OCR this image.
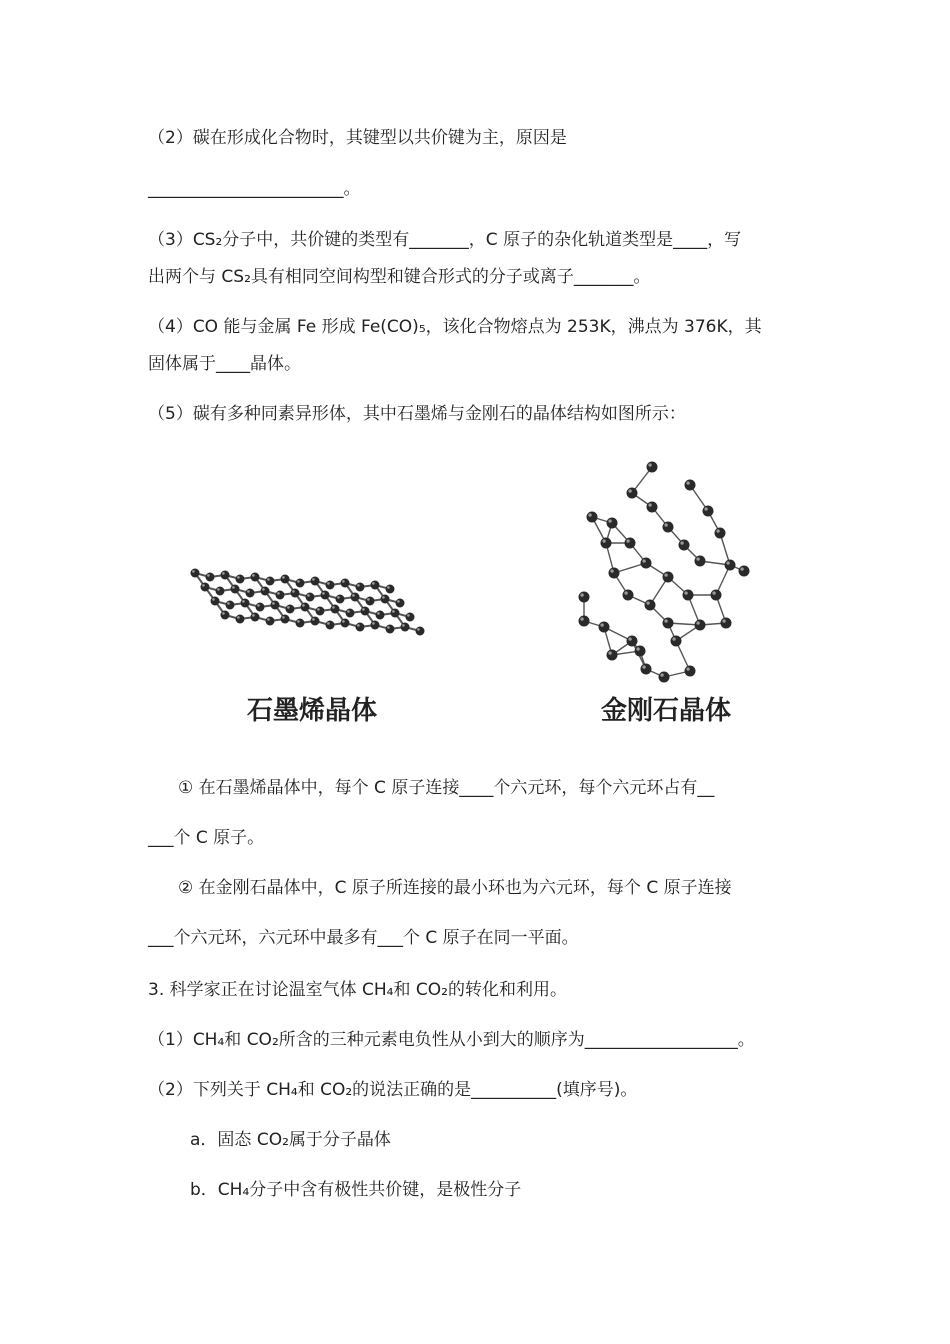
（2）碳在形成化合物时，其键型以共价键为主，原因是
_______________________。
（3）CS₂分子中，共价键的类型有_______，C 原子的杂化轨道类型是____，写
出两个与 CS₂具有相同空间构型和键合形式的分子或离子_______。
（4）CO 能与金属 Fe 形成 Fe(CO)₅，该化合物熔点为 253K，沸点为 376K，其
固体属于____晶体。
（5）碳有多种同素异形体，其中石墨烯与金刚石的晶体结构如图所示：
石墨烯晶体	金刚石晶体
① 在石墨烯晶体中，每个 C 原子连接____个六元环，每个六元环占有__
___个 C 原子。
② 在金刚石晶体中，C 原子所连接的最小环也为六元环，每个 C 原子连接
___个六元环，六元环中最多有___个 C 原子在同一平面。
3. 科学家正在讨论温室气体 CH₄和 CO₂的转化和利用。
（1）CH₄和 CO₂所含的三种元素电负性从小到大的顺序为__________________。
（2）下列关于 CH₄和 CO₂的说法正确的是__________(填序号)。
a．固态 CO₂属于分子晶体
b．CH₄分子中含有极性共价键，是极性分子
